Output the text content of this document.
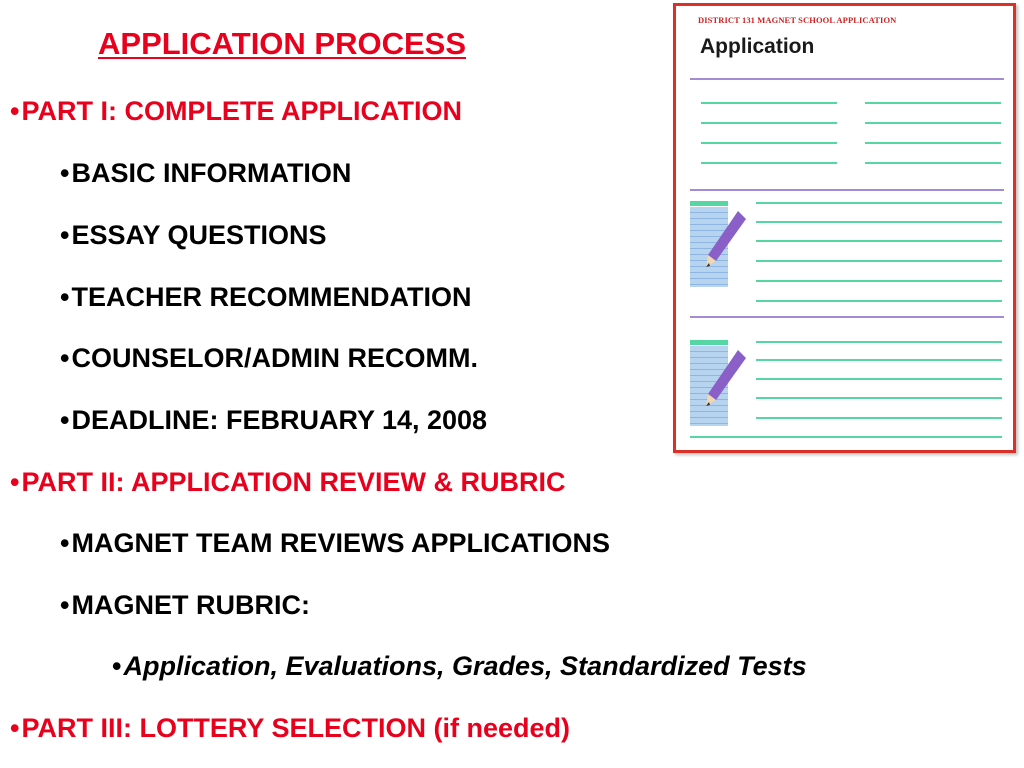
APPLICATION PROCESS
•PART I: COMPLETE APPLICATION
•BASIC INFORMATION
•ESSAY QUESTIONS
•TEACHER RECOMMENDATION
•COUNSELOR/ADMIN RECOMM.
•DEADLINE: FEBRUARY 14, 2008
•PART II: APPLICATION REVIEW & RUBRIC
•MAGNET TEAM REVIEWS APPLICATIONS
•MAGNET RUBRIC:
•Application, Evaluations, Grades, Standardized Tests
•PART III: LOTTERY SELECTION (if needed)
DISTRICT 131 MAGNET SCHOOL APPLICATION
Application
